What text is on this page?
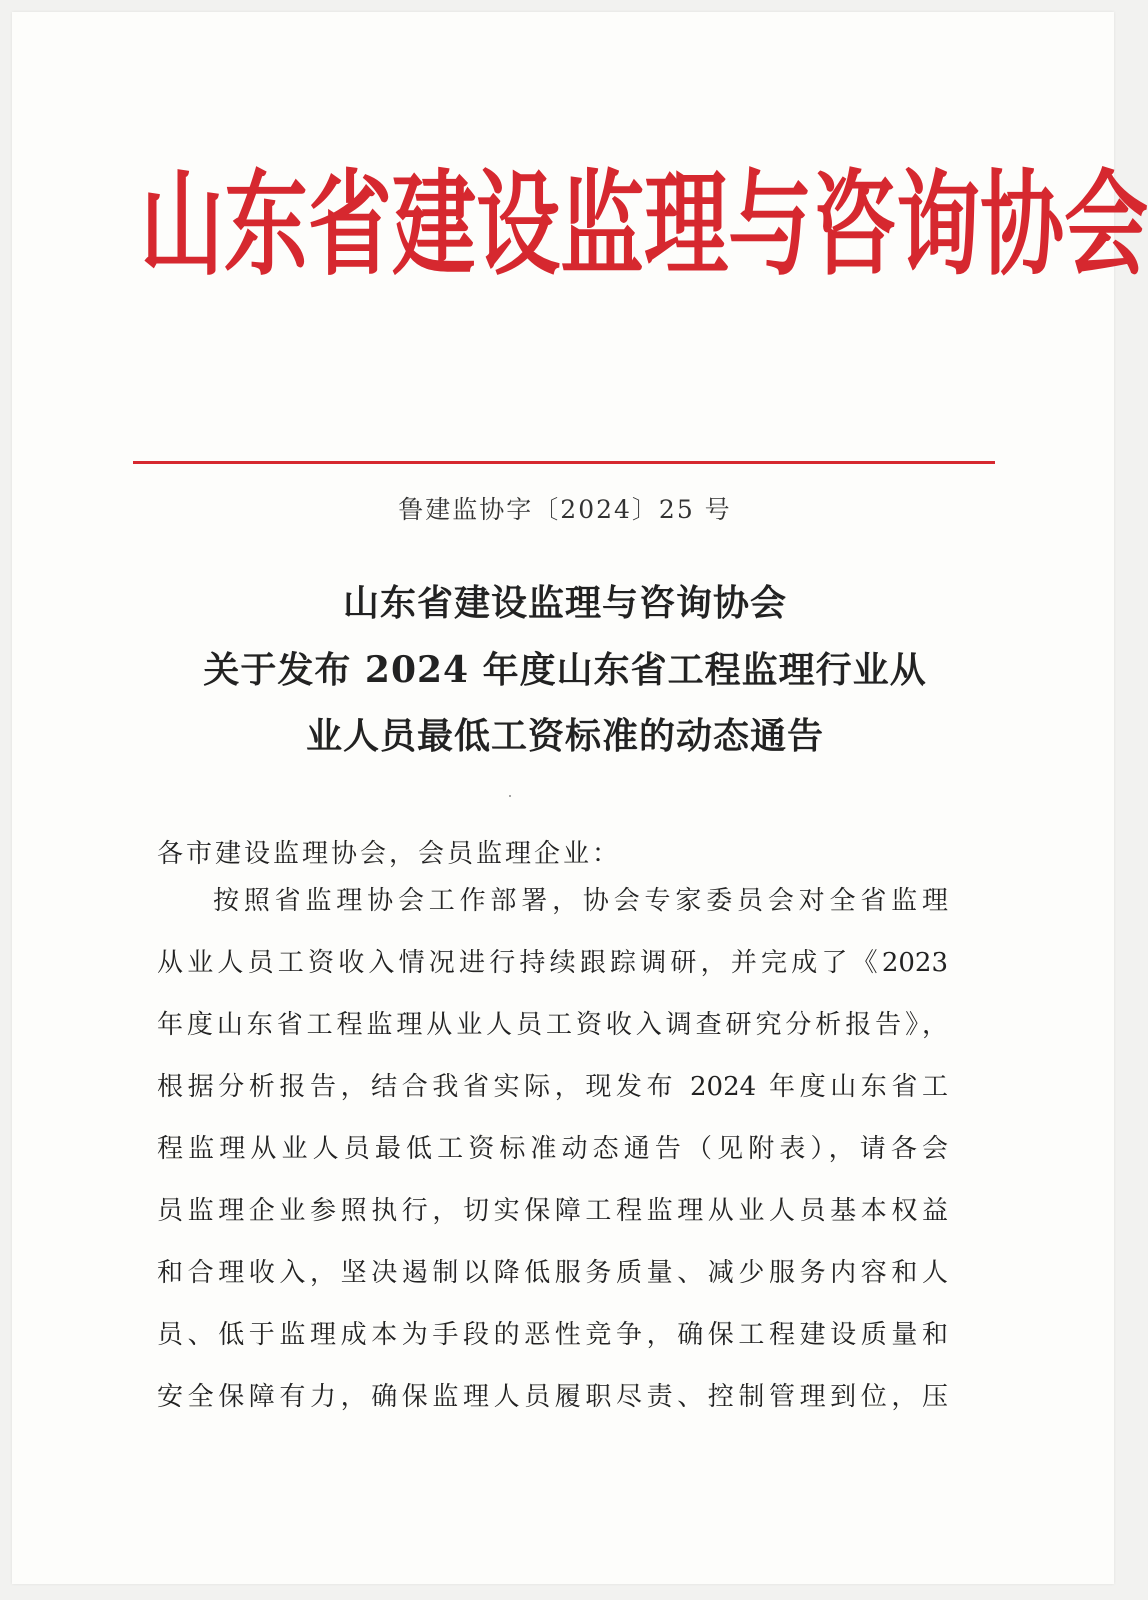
山 东 省 建 设 监 理 与 咨 询 协 会
鲁建监协字〔2024〕25 号
山东省建设监理与咨询协会
关于发布 2024 年度山东省工程监理行业从
业人员最低工资标准的动态通告
各市建设监理协会，会员监理企业：
按照省监理协会工作部署，协会专家委员会对全省监理
从业人员工资收入情况进行持续跟踪调研，并完成了《2023
年度山东省工程监理从业人员工资收入调查研究分析报告》，
根据分析报告，结合我省实际，现发布 2024 年度山东省工
程监理从业人员最低工资标准动态通告（见附表），请各会
员监理企业参照执行，切实保障工程监理从业人员基本权益
和合理收入，坚决遏制以降低服务质量、减少服务内容和人
员、低于监理成本为手段的恶性竞争，确保工程建设质量和
安全保障有力，确保监理人员履职尽责、控制管理到位，压
